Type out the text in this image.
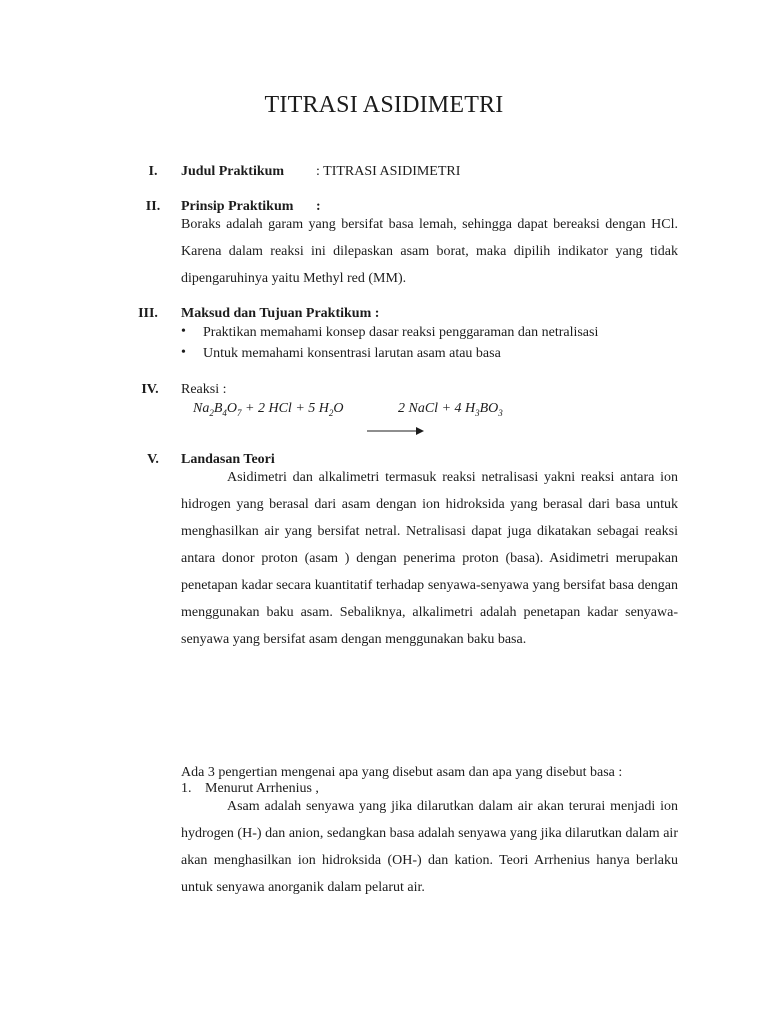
TITRASI ASIDIMETRI
I.	Judul Praktikum : TITRASI ASIDIMETRI
II.	Prinsip Praktikum :
Boraks adalah garam yang bersifat basa lemah, sehingga dapat bereaksi dengan HCl. Karena dalam reaksi ini dilepaskan asam borat, maka dipilih indikator yang tidak dipengaruhinya yaitu Methyl red (MM).
III.	Maksud dan Tujuan Praktikum :
• Praktikan memahami konsep dasar reaksi penggaraman dan netralisasi
• Untuk memahami konsentrasi larutan asam atau basa
IV.	Reaksi :
$Na_2B_4O_7 + 2$ HCl + 5 $H_2O$	2 NaCl + 4 $H_3BO_3$
V.	Landasan Teori
Asidimetri dan alkalimetri termasuk reaksi netralisasi yakni reaksi antara ion hidrogen yang berasal dari asam dengan ion hidroksida yang berasal dari basa untuk menghasilkan air yang bersifat netral. Netralisasi dapat juga dikatakan sebagai reaksi antara donor proton (asam ) dengan penerima proton (basa). Asidimetri merupakan penetapan kadar secara kuantitatif terhadap senyawa-senyawa yang bersifat basa dengan menggunakan baku asam. Sebaliknya, alkalimetri adalah penetapan kadar senyawa-senyawa yang bersifat asam dengan menggunakan baku basa.
Ada 3 pengertian mengenai apa yang disebut asam dan apa yang disebut basa :
1. Menurut Arrhenius ,
Asam adalah senyawa yang jika dilarutkan dalam air akan terurai menjadi ion hydrogen (H-) dan anion, sedangkan basa adalah senyawa yang jika dilarutkan dalam air akan menghasilkan ion hidroksida (OH-) dan kation. Teori Arrhenius hanya berlaku untuk senyawa anorganik dalam pelarut air.
